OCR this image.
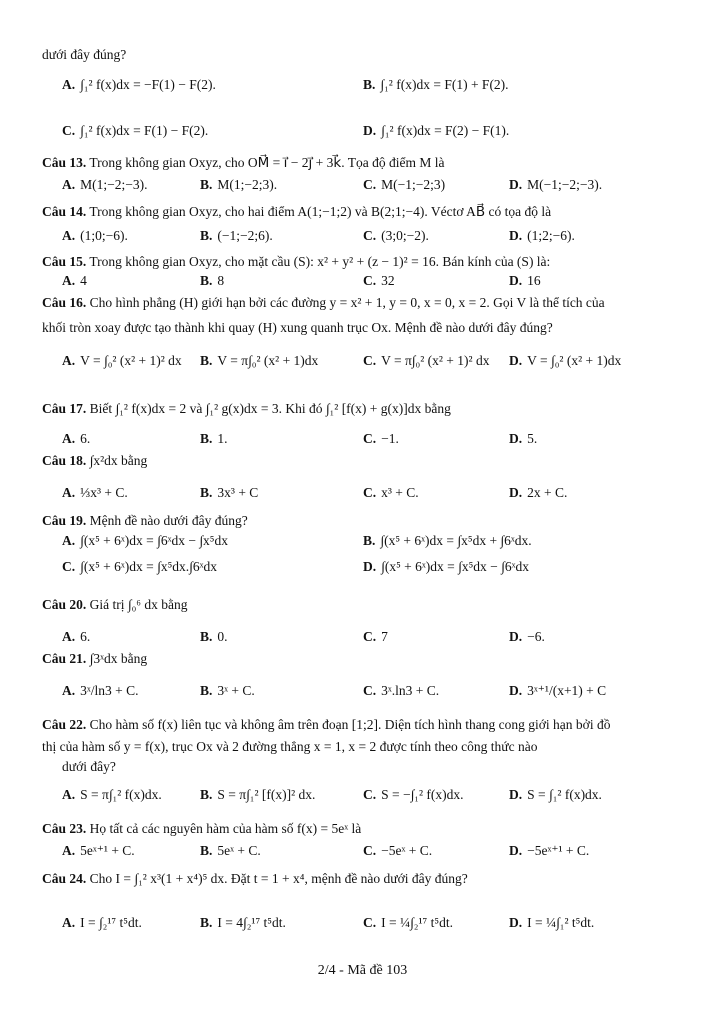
dưới đây đúng?
A. ∫₁² f(x)dx = −F(1) − F(2).	B. ∫₁² f(x)dx = F(1) + F(2).
C. ∫₁² f(x)dx = F(1) − F(2).	D. ∫₁² f(x)dx = F(2) − F(1).
Câu 13. Trong không gian Oxyz, cho OM⃗ = i⃗ − 2j⃗ + 3k⃗. Tọa độ điểm M là
A. M(1;−2;−3).	B. M(1;−2;3).	C. M(−1;−2;3)	D. M(−1;−2;−3).
Câu 14. Trong không gian Oxyz, cho hai điểm A(1;−1;2) và B(2;1;−4). Véctơ AB⃗ có tọa độ là
A. (1;0;−6).	B. (−1;−2;6).	C. (3;0;−2).	D. (1;2;−6).
Câu 15. Trong không gian Oxyz, cho mặt cầu (S): x² + y² + (z − 1)² = 16. Bán kính của (S) là:
A. 4	B. 8	C. 32	D. 16
Câu 16. Cho hình phẳng (H) giới hạn bởi các đường y = x² + 1, y = 0, x = 0, x = 2. Gọi V là thể tích của
khối tròn xoay được tạo thành khi quay (H) xung quanh trục Ox. Mệnh đề nào dưới đây đúng?
A. V = ∫₀² (x² + 1)² dx B. V = π∫₀² (x² + 1)dx	C. V = π∫₀² (x² + 1)² dx D. V = ∫₀² (x² + 1)dx
Câu 17. Biết ∫₁² f(x)dx = 2 và ∫₁² g(x)dx = 3. Khi đó ∫₁² [f(x) + g(x)]dx bằng
A. 6.	B. 1.	C. −1.	D. 5.
Câu 18. ∫x²dx bằng
A. ⅓x³ + C.	B. 3x³ + C	C. x³ + C.	D. 2x + C.
Câu 19. Mệnh đề nào dưới đây đúng?
A. ∫(x⁵ + 6ˣ)dx = ∫6ˣdx − ∫x⁵dx	B. ∫(x⁵ + 6ˣ)dx = ∫x⁵dx + ∫6ˣdx.
C. ∫(x⁵ + 6ˣ)dx = ∫x⁵dx.∫6ˣdx	D. ∫(x⁵ + 6ˣ)dx = ∫x⁵dx − ∫6ˣdx
Câu 20. Giá trị ∫₀⁶ dx bằng
A. 6.	B. 0.	C. 7	D. −6.
Câu 21. ∫3ˣdx bằng
A. 3ˣ/ln3 + C.	B. 3ˣ + C.	C. 3ˣ.ln3 + C.	D. 3ˣ⁺¹/(x+1) + C
Câu 22. Cho hàm số f(x) liên tục và không âm trên đoạn [1;2]. Diện tích hình thang cong giới hạn bởi đồ
thị của hàm số y = f(x), trục Ox và 2 đường thẳng x = 1, x = 2 được tính theo công thức nào
dưới đây?
A. S = π∫₁² f(x)dx.	B. S = π∫₁² [f(x)]² dx.	C. S = −∫₁² f(x)dx.	D. S = ∫₁² f(x)dx.
Câu 23. Họ tất cả các nguyên hàm của hàm số f(x) = 5eˣ là
A. 5eˣ⁺¹ + C.	B. 5eˣ + C.	C. −5eˣ + C.	D. −5eˣ⁺¹ + C.
Câu 24. Cho I = ∫₁² x³(1 + x⁴)⁵ dx. Đặt t = 1 + x⁴, mệnh đề nào dưới đây đúng?
A. I = ∫₂¹⁷ t⁵dt.	B. I = 4∫₂¹⁷ t⁵dt.	C. I = ¼∫₂¹⁷ t⁵dt.	D. I = ¼∫₁² t⁵dt.
2/4 - Mã đề 103
